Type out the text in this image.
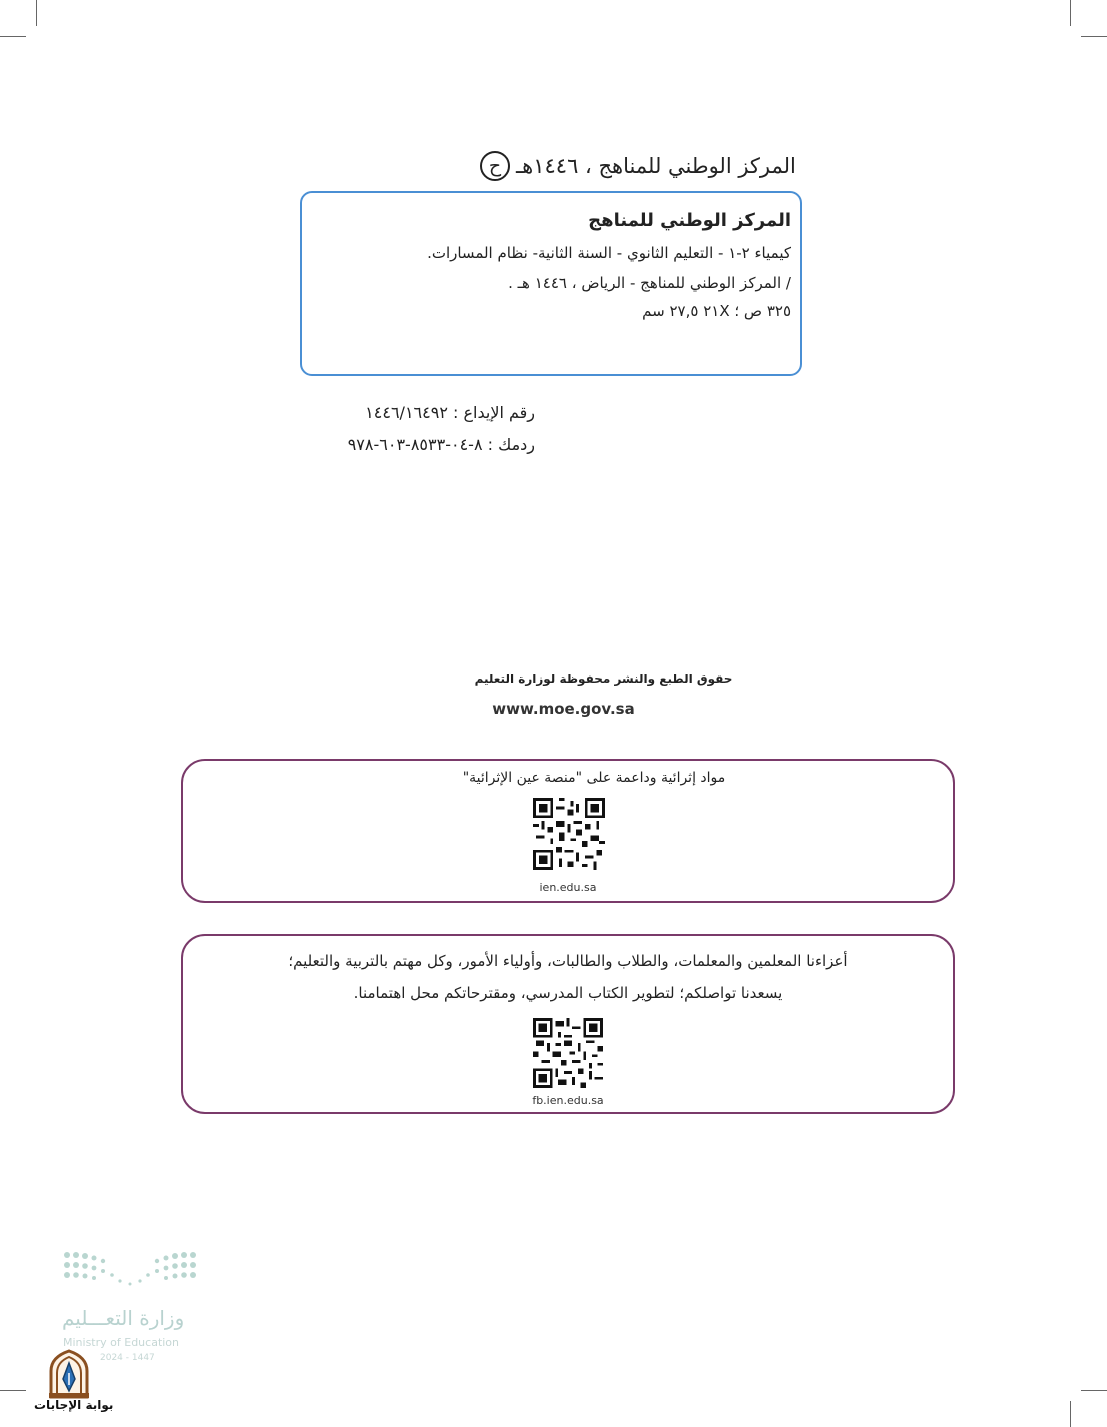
ح المركز الوطني للمناهج ، ١٤٤٦هـ
المركز الوطني للمناهج
كيمياء ٢-١ - التعليم الثانوي - السنة الثانية- نظام المسارات.
/ المركز الوطني للمناهج - الرياض ، ١٤٤٦ هـ .
٣٢٥ ص ؛ ٢١X ٢٧,٥ سم
رقم الإيداع : ١٤٤٦/١٦٤٩٢
ردمك : ٨-٠٤-٨٥٣٣-٦٠٣-٩٧٨
حقوق الطبع والنشر محفوظة لوزارة التعليم
www.moe.gov.sa
مواد إثرائية وداعمة على "منصة عين الإثرائية"
ien.edu.sa
أعزاءنا المعلمين والمعلمات، والطلاب والطالبات، وأولياء الأمور، وكل مهتم بالتربية والتعليم؛
يسعدنا تواصلكم؛ لتطوير الكتاب المدرسي، ومقترحاتكم محل اهتمامنا.
fb.ien.edu.sa
وزارة التعـــليم
Ministry of Education
2024 - 1447
بوابة الإجابات
